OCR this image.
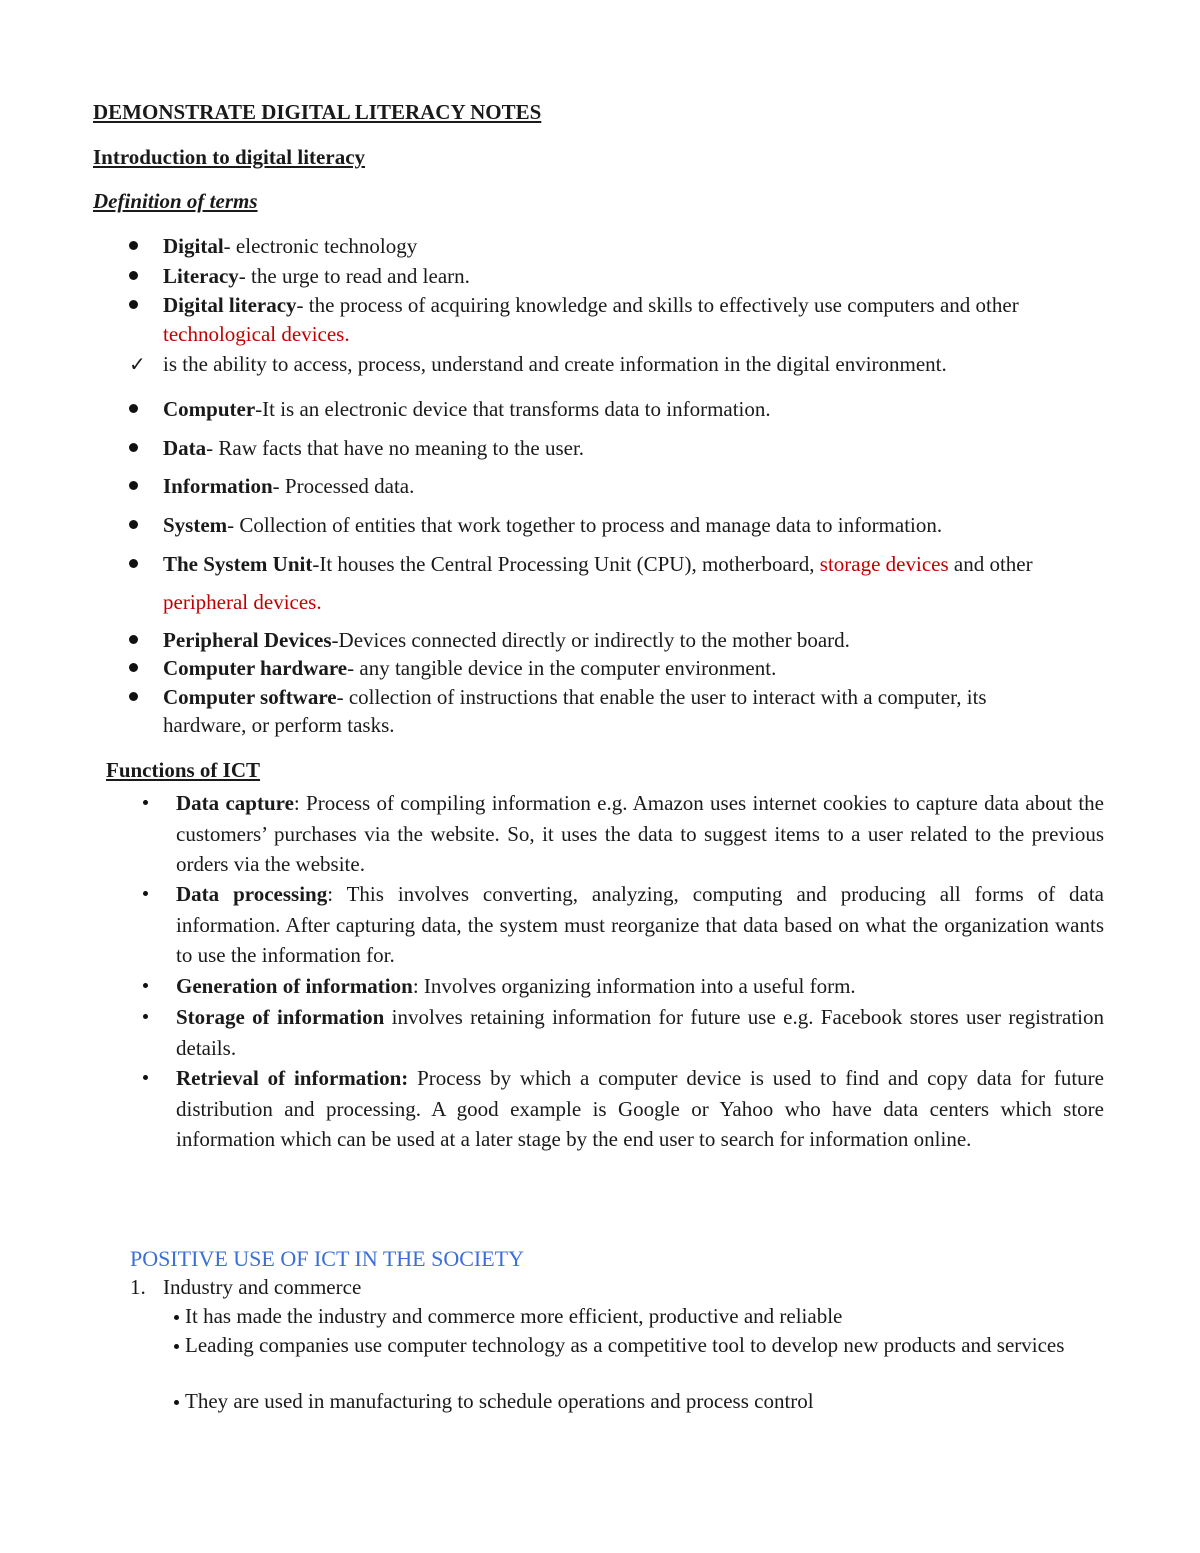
DEMONSTRATE DIGITAL LITERACY NOTES

Introduction to digital literacy

Definition of terms

Digital- electronic technology

Literacy- the urge to read and learn.

Digital literacy- the process of acquiring knowledge and skills to effectively use computers and other

technological devices.

✓ is the ability to access, process, understand and create information in the digital environment.

Computer-It is an electronic device that transforms data to information.

Data- Raw facts that have no meaning to the user.

Information- Processed data.

System- Collection of entities that work together to process and manage data to information.

The System Unit-It houses the Central Processing Unit (CPU), motherboard, storage devices and other

peripheral devices.

Peripheral Devices-Devices connected directly or indirectly to the mother board.

Computer hardware- any tangible device in the computer environment.

Computer software- collection of instructions that enable the user to interact with a computer, its

hardware, or perform tasks.

Functions of ICT

Data capture: Process of compiling information e.g. Amazon uses internet cookies to capture data about the customers’ purchases via the website. So, it uses the data to suggest items to a user related to the previous orders via the website.

Data processing: This involves converting, analyzing, computing and producing all forms of data information. After capturing data, the system must reorganize that data based on what the organization wants to use the information for.

Generation of information: Involves organizing information into a useful form.

Storage of information involves retaining information for future use e.g. Facebook stores user registration details.

Retrieval of information: Process by which a computer device is used to find and copy data for future distribution and processing. A good example is Google or Yahoo who have data centers which store information which can be used at a later stage by the end user to search for information online.

POSITIVE USE OF ICT IN THE SOCIETY

1. Industry and commerce

It has made the industry and commerce more efficient, productive and reliable

Leading companies use computer technology as a competitive tool to develop new products and services

They are used in manufacturing to schedule operations and process control
